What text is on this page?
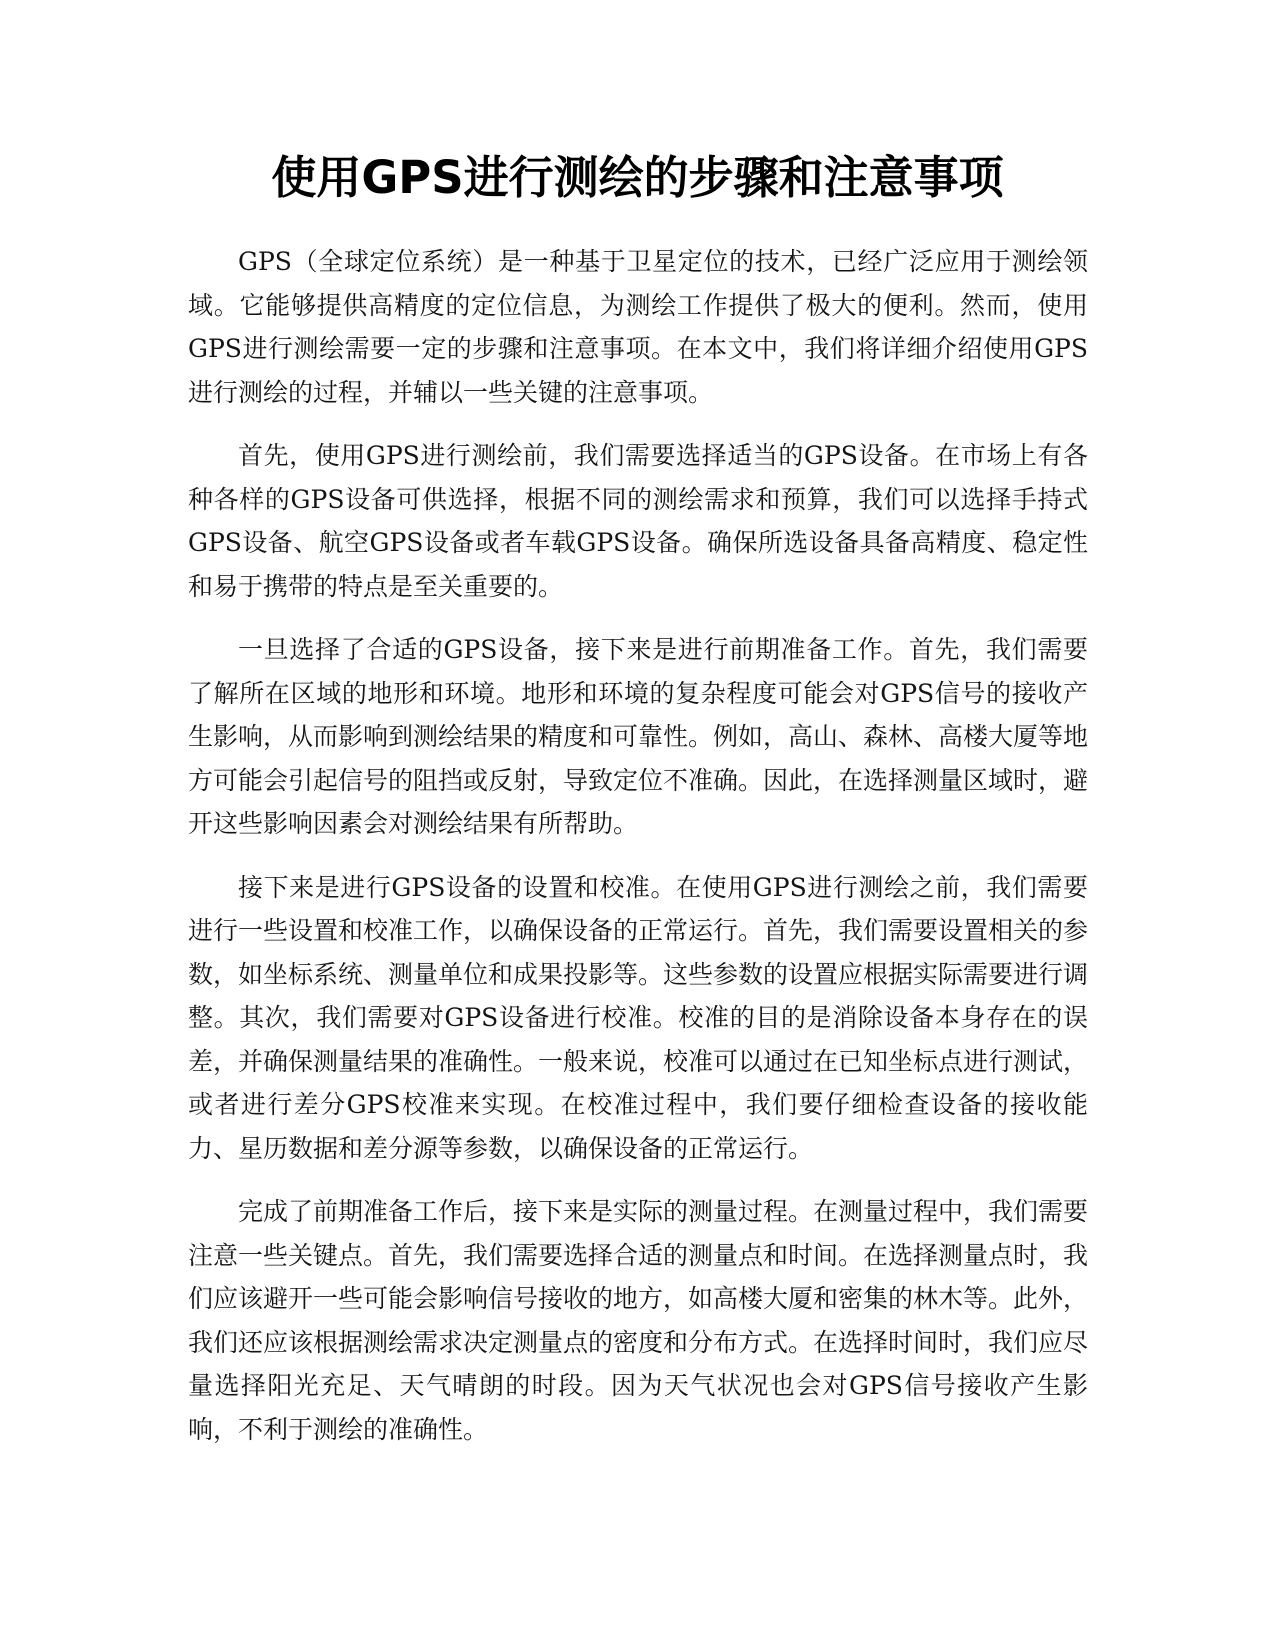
使用GPS进行测绘的步骤和注意事项

GPS（全球定位系统）是一种基于卫星定位的技术，已经广泛应用于测绘领域。它能够提供高精度的定位信息，为测绘工作提供了极大的便利。然而，使用GPS进行测绘需要一定的步骤和注意事项。在本文中，我们将详细介绍使用GPS进行测绘的过程，并辅以一些关键的注意事项。

首先，使用GPS进行测绘前，我们需要选择适当的GPS设备。在市场上有各种各样的GPS设备可供选择，根据不同的测绘需求和预算，我们可以选择手持式GPS设备、航空GPS设备或者车载GPS设备。确保所选设备具备高精度、稳定性和易于携带的特点是至关重要的。

一旦选择了合适的GPS设备，接下来是进行前期准备工作。首先，我们需要了解所在区域的地形和环境。地形和环境的复杂程度可能会对GPS信号的接收产生影响，从而影响到测绘结果的精度和可靠性。例如，高山、森林、高楼大厦等地方可能会引起信号的阻挡或反射，导致定位不准确。因此，在选择测量区域时，避开这些影响因素会对测绘结果有所帮助。

接下来是进行GPS设备的设置和校准。在使用GPS进行测绘之前，我们需要进行一些设置和校准工作，以确保设备的正常运行。首先，我们需要设置相关的参数，如坐标系统、测量单位和成果投影等。这些参数的设置应根据实际需要进行调整。其次，我们需要对GPS设备进行校准。校准的目的是消除设备本身存在的误差，并确保测量结果的准确性。一般来说，校准可以通过在已知坐标点进行测试，或者进行差分GPS校准来实现。在校准过程中，我们要仔细检查设备的接收能力、星历数据和差分源等参数，以确保设备的正常运行。

完成了前期准备工作后，接下来是实际的测量过程。在测量过程中，我们需要注意一些关键点。首先，我们需要选择合适的测量点和时间。在选择测量点时，我们应该避开一些可能会影响信号接收的地方，如高楼大厦和密集的林木等。此外，我们还应该根据测绘需求决定测量点的密度和分布方式。在选择时间时，我们应尽量选择阳光充足、天气晴朗的时段。因为天气状况也会对GPS信号接收产生影响，不利于测绘的准确性。
